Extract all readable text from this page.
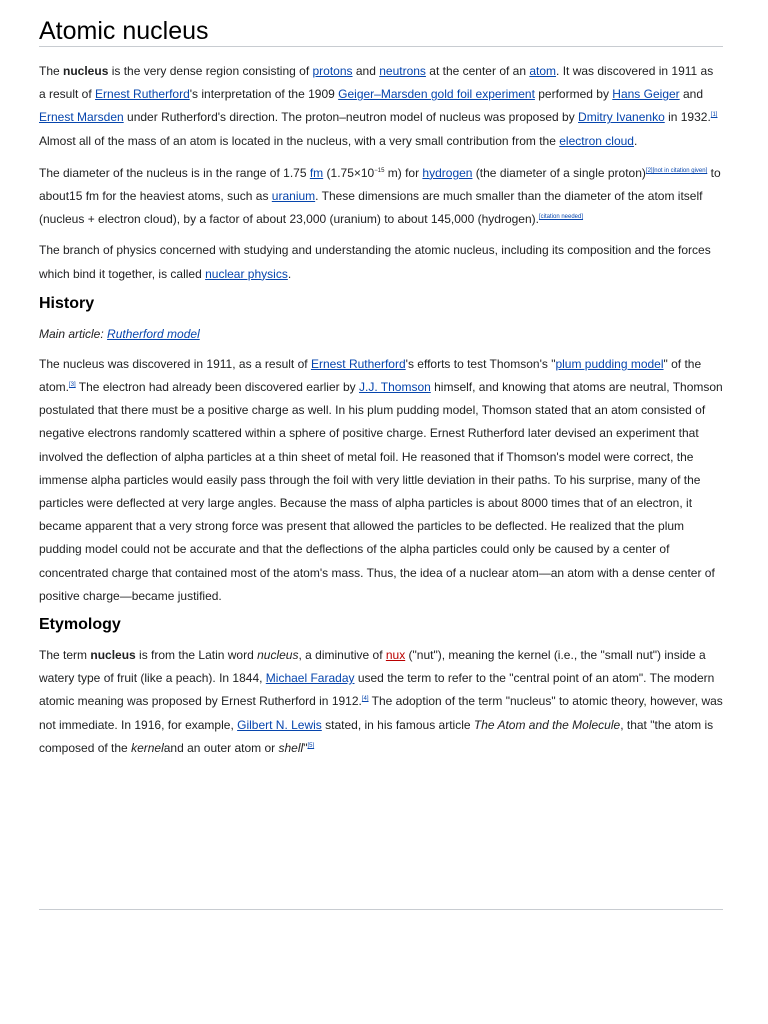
Atomic nucleus

The nucleus is the very dense region consisting of protons and neutrons at the center of an atom. It was discovered in 1911 as a result of Ernest Rutherford's interpretation of the 1909 Geiger–Marsden gold foil experiment performed by Hans Geiger and Ernest Marsden under Rutherford's direction. The proton–neutron model of nucleus was proposed by Dmitry Ivanenko in 1932.[1] Almost all of the mass of an atom is located in the nucleus, with a very small contribution from the electron cloud.

The diameter of the nucleus is in the range of 1.75 fm ($1.75\times 10^{-15}$ m) for hydrogen (the diameter of a single proton)[2][not in citation given] to about15 fm for the heaviest atoms, such as uranium. These dimensions are much smaller than the diameter of the atom itself (nucleus + electron cloud), by a factor of about 23,000 (uranium) to about 145,000 (hydrogen).[citation needed]

The branch of physics concerned with studying and understanding the atomic nucleus, including its composition and the forces which bind it together, is called nuclear physics.

History
Main article: Rutherford model

The nucleus was discovered in 1911, as a result of Ernest Rutherford's efforts to test Thomson's "plum pudding model" of the atom.[3] The electron had already been discovered earlier by J.J. Thomson himself, and knowing that atoms are neutral, Thomson postulated that there must be a positive charge as well. In his plum pudding model, Thomson stated that an atom consisted of negative electrons randomly scattered within a sphere of positive charge. Ernest Rutherford later devised an experiment that involved the deflection of alpha particles at a thin sheet of metal foil. He reasoned that if Thomson's model were correct, the immense alpha particles would easily pass through the foil with very little deviation in their paths. To his surprise, many of the particles were deflected at very large angles. Because the mass of alpha particles is about 8000 times that of an electron, it became apparent that a very strong force was present that allowed the particles to be deflected. He realized that the plum pudding model could not be accurate and that the deflections of the alpha particles could only be caused by a center of concentrated charge that contained most of the atom's mass. Thus, the idea of a nuclear atom—an atom with a dense center of positive charge—became justified.

Etymology

The term nucleus is from the Latin word nucleus, a diminutive of nux ("nut"), meaning the kernel (i.e., the "small nut") inside a watery type of fruit (like a peach). In 1844, Michael Faraday used the term to refer to the "central point of an atom". The modern atomic meaning was proposed by Ernest Rutherford in 1912.[4] The adoption of the term "nucleus" to atomic theory, however, was not immediate. In 1916, for example, Gilbert N. Lewis stated, in his famous article The Atom and the Molecule, that "the atom is composed of the kerneland an outer atom or shell"[5]
